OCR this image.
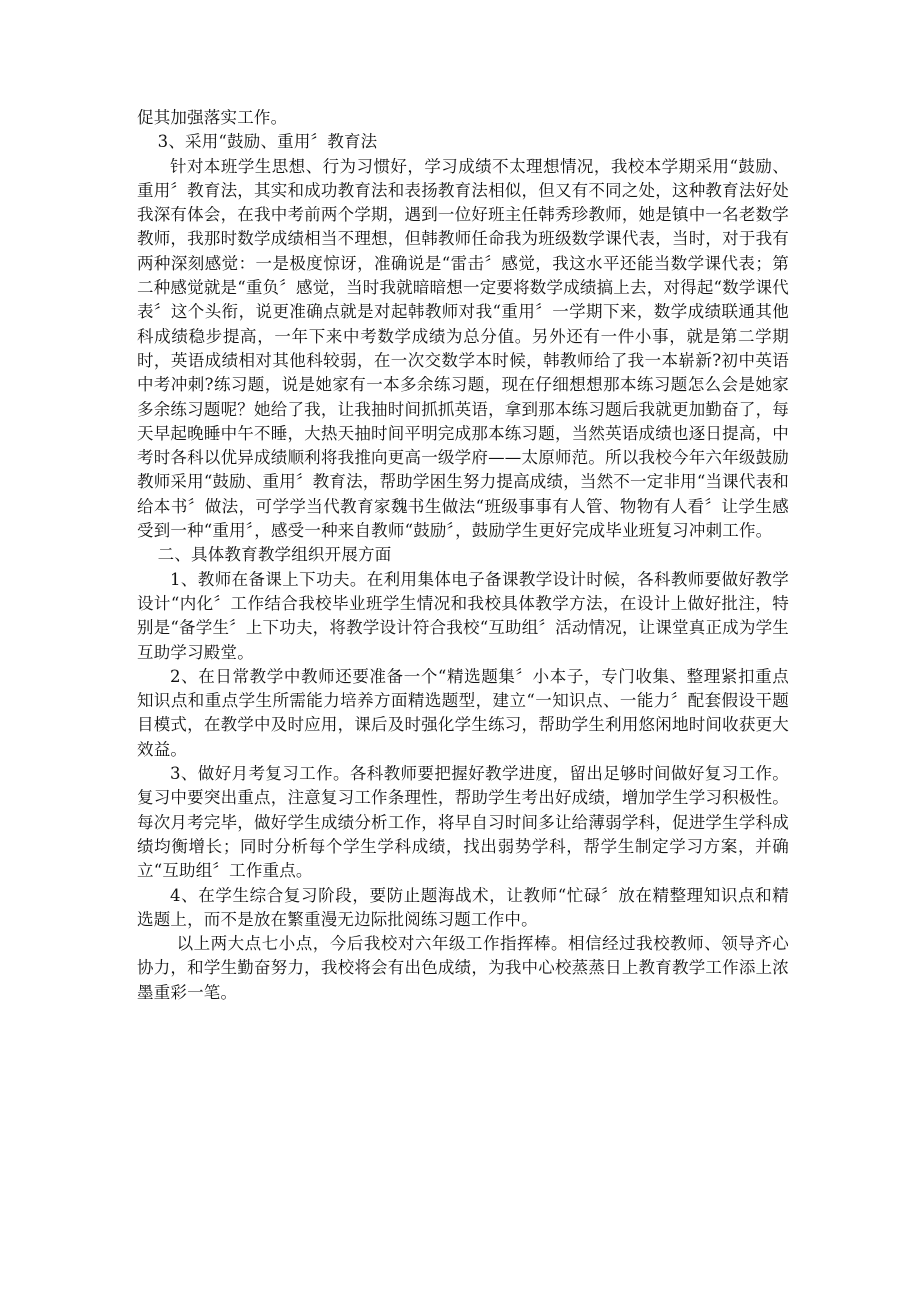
促其加强落实工作。

3、采用“鼓励、重用〞教育法

针对本班学生思想、行为习惯好，学习成绩不太理想情况，我校本学期采用“鼓励、重用〞教育法，其实和成功教育法和表扬教育法相似，但又有不同之处，这种教育法好处我深有体会，在我中考前两个学期，遇到一位好班主任韩秀珍教师，她是镇中一名老数学教师，我那时数学成绩相当不理想，但韩教师任命我为班级数学课代表，当时，对于我有两种深刻感觉：一是极度惊讶，准确说是“雷击〞感觉，我这水平还能当数学课代表；第二种感觉就是“重负〞感觉，当时我就暗暗想一定要将数学成绩搞上去，对得起“数学课代表〞这个头衔，说更准确点就是对起韩教师对我“重用〞一学期下来，数学成绩联通其他科成绩稳步提高，一年下来中考数学成绩为总分值。另外还有一件小事，就是第二学期时，英语成绩相对其他科较弱，在一次交数学本时候，韩教师给了我一本崭新?初中英语中考冲刺?练习题，说是她家有一本多余练习题，现在仔细想想那本练习题怎么会是她家多余练习题呢？她给了我，让我抽时间抓抓英语，拿到那本练习题后我就更加勤奋了，每天早起晚睡中午不睡，大热天抽时间平明完成那本练习题，当然英语成绩也逐日提高，中考时各科以优异成绩顺利将我推向更高一级学府——太原师范。所以我校今年六年级鼓励教师采用“鼓励、重用〞教育法，帮助学困生努力提高成绩，当然不一定非用“当课代表和给本书〞做法，可学学当代教育家魏书生做法“班级事事有人管、物物有人看〞让学生感受到一种“重用〞，感受一种来自教师“鼓励〞，鼓励学生更好完成毕业班复习冲刺工作。

二、具体教育教学组织开展方面

1、教师在备课上下功夫。在利用集体电子备课教学设计时候，各科教师要做好教学设计“内化〞工作结合我校毕业班学生情况和我校具体教学方法，在设计上做好批注，特别是“备学生〞上下功夫，将教学设计符合我校“互助组〞活动情况，让课堂真正成为学生互助学习殿堂。

2、在日常教学中教师还要准备一个“精选题集〞小本子，专门收集、整理紧扣重点知识点和重点学生所需能力培养方面精选题型，建立“一知识点、一能力〞配套假设干题目模式，在教学中及时应用，课后及时强化学生练习，帮助学生利用悠闲地时间收获更大效益。

3、做好月考复习工作。各科教师要把握好教学进度，留出足够时间做好复习工作。复习中要突出重点，注意复习工作条理性，帮助学生考出好成绩，增加学生学习积极性。每次月考完毕，做好学生成绩分析工作，将早自习时间多让给薄弱学科，促进学生学科成绩均衡增长；同时分析每个学生学科成绩，找出弱势学科，帮学生制定学习方案，并确立“互助组〞工作重点。

4、在学生综合复习阶段，要防止题海战术，让教师“忙碌〞放在精整理知识点和精选题上，而不是放在繁重漫无边际批阅练习题工作中。

以上两大点七小点，今后我校对六年级工作指挥棒。相信经过我校教师、领导齐心协力，和学生勤奋努力，我校将会有出色成绩，为我中心校蒸蒸日上教育教学工作添上浓墨重彩一笔。
